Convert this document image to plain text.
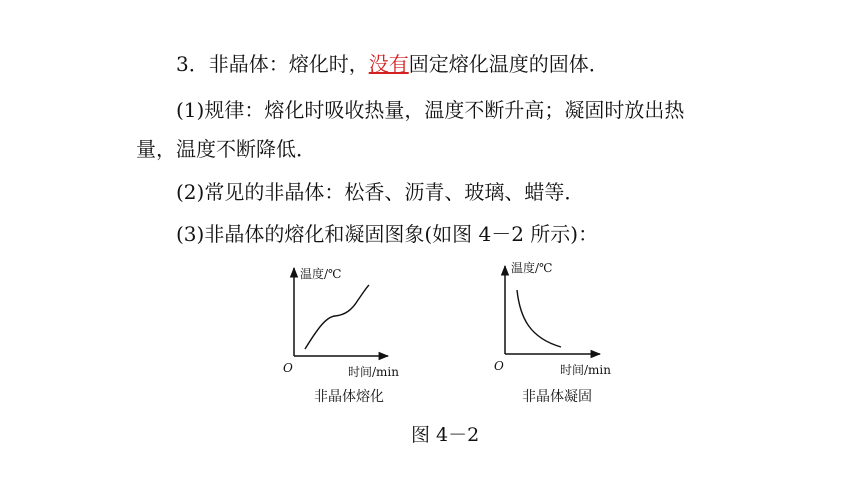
3．非晶体：熔化时，没有固定熔化温度的固体．
(1)规律：熔化时吸收热量，温度不断升高；凝固时放出热
量，温度不断降低．
(2)常见的非晶体：松香、沥青、玻璃、蜡等．
(3)非晶体的熔化和凝固图象(如图 4－2 所示)：
温度/℃
O	时间/min
非晶体熔化
温度/℃
O	时间/min
非晶体凝固
图 4－2
